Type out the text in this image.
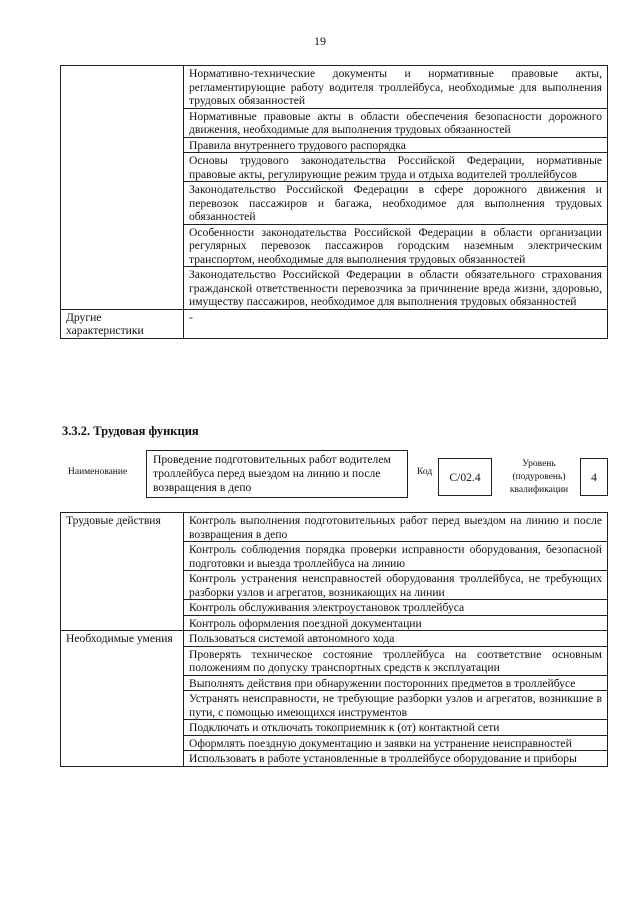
19
	Нормативно-технические документы и нормативные правовые акты, регламентирующие работу водителя троллейбуса, необходимые для выполнения трудовых обязанностей
	Нормативные правовые акты в области обеспечения безопасности дорожного движения, необходимые для выполнения трудовых обязанностей
	Правила внутреннего трудового распорядка
	Основы трудового законодательства Российской Федерации, нормативные правовые акты, регулирующие режим труда и отдыха водителей троллейбусов
	Законодательство Российской Федерации в сфере дорожного движения и перевозок пассажиров и багажа, необходимое для выполнения трудовых обязанностей
	Особенности законодательства Российской Федерации в области организации регулярных перевозок пассажиров городским наземным электрическим транспортом, необходимые для выполнения трудовых обязанностей
	Законодательство Российской Федерации в области обязательного страхования гражданской ответственности перевозчика за причинение вреда жизни, здоровью, имуществу пассажиров, необходимое для выполнения трудовых обязанностей
Другие характеристики	-
3.3.2. Трудовая функция
Наименование
Проведение подготовительных работ водителем троллейбуса перед выездом на линию и после возвращения в депо
Код	C/02.4
Уровень (подуровень) квалификации
4
Трудовые действия	Контроль выполнения подготовительных работ перед выездом на линию и после возвращения в депо
	Контроль соблюдения порядка проверки исправности оборудования, безопасной подготовки и выезда троллейбуса на линию
	Контроль устранения неисправностей оборудования троллейбуса, не требующих разборки узлов и агрегатов, возникающих на линии
	Контроль обслуживания электроустановок троллейбуса
	Контроль оформления поездной документации
Необходимые умения	Пользоваться системой автономного хода
	Проверять техническое состояние троллейбуса на соответствие основным положениям по допуску транспортных средств к эксплуатации
	Выполнять действия при обнаружении посторонних предметов в троллейбусе
	Устранять неисправности, не требующие разборки узлов и агрегатов, возникшие в пути, с помощью имеющихся инструментов
	Подключать и отключать токоприемник к (от) контактной сети
	Оформлять поездную документацию и заявки на устранение неисправностей
	Использовать в работе установленные в троллейбусе оборудование и приборы
